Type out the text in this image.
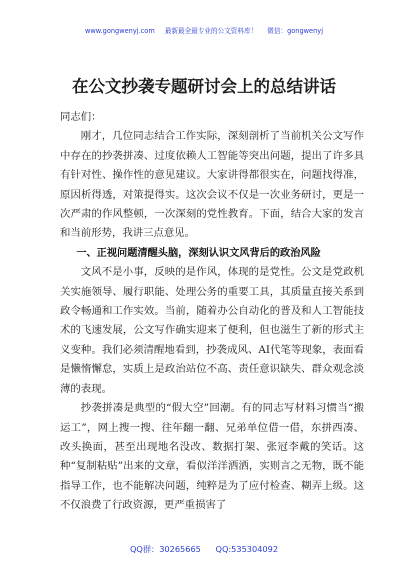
www.gongwenyj.com 最新最全最专业的公文资料库！ 微信：gongwenyj
在公文抄袭专题研讨会上的总结讲话

同志们：

刚才，几位同志结合工作实际，深刻剖析了当前机关公文写作中存在的抄袭拼凑、过度依赖人工智能等突出问题，提出了许多具有针对性、操作性的意见建议。大家讲得都很实在，问题找得准，原因析得透，对策提得实。这次会议不仅是一次业务研讨，更是一次严肃的作风整顿，一次深刻的党性教育。下面，结合大家的发言和当前形势，我讲三点意见。

一、正视问题清醒头脑，深刻认识文风背后的政治风险

文风不是小事，反映的是作风，体现的是党性。公文是党政机关实施领导、履行职能、处理公务的重要工具，其质量直接关系到政令畅通和工作实效。当前，随着办公自动化的普及和人工智能技术的飞速发展，公文写作确实迎来了便利，但也滋生了新的形式主义变种。我们必须清醒地看到，抄袭成风、AI代笔等现象，表面看是懒惰懈怠，实质上是政治站位不高、责任意识缺失、群众观念淡薄的表现。

抄袭拼凑是典型的“假大空”回潮。有的同志写材料习惯当“搬运工”，网上搜一搜、往年翻一翻、兄弟单位借一借，东拼西凑、改头换面，甚至出现地名没改、数据打架、张冠李戴的笑话。这种“复制粘贴”出来的文章，看似洋洋洒洒，实则言之无物，既不能指导工作，也不能解决问题，纯粹是为了应付检查、糊弄上级。这不仅浪费了行政资源，更严重损害了

QQ群：30265665 QQ:535304092
